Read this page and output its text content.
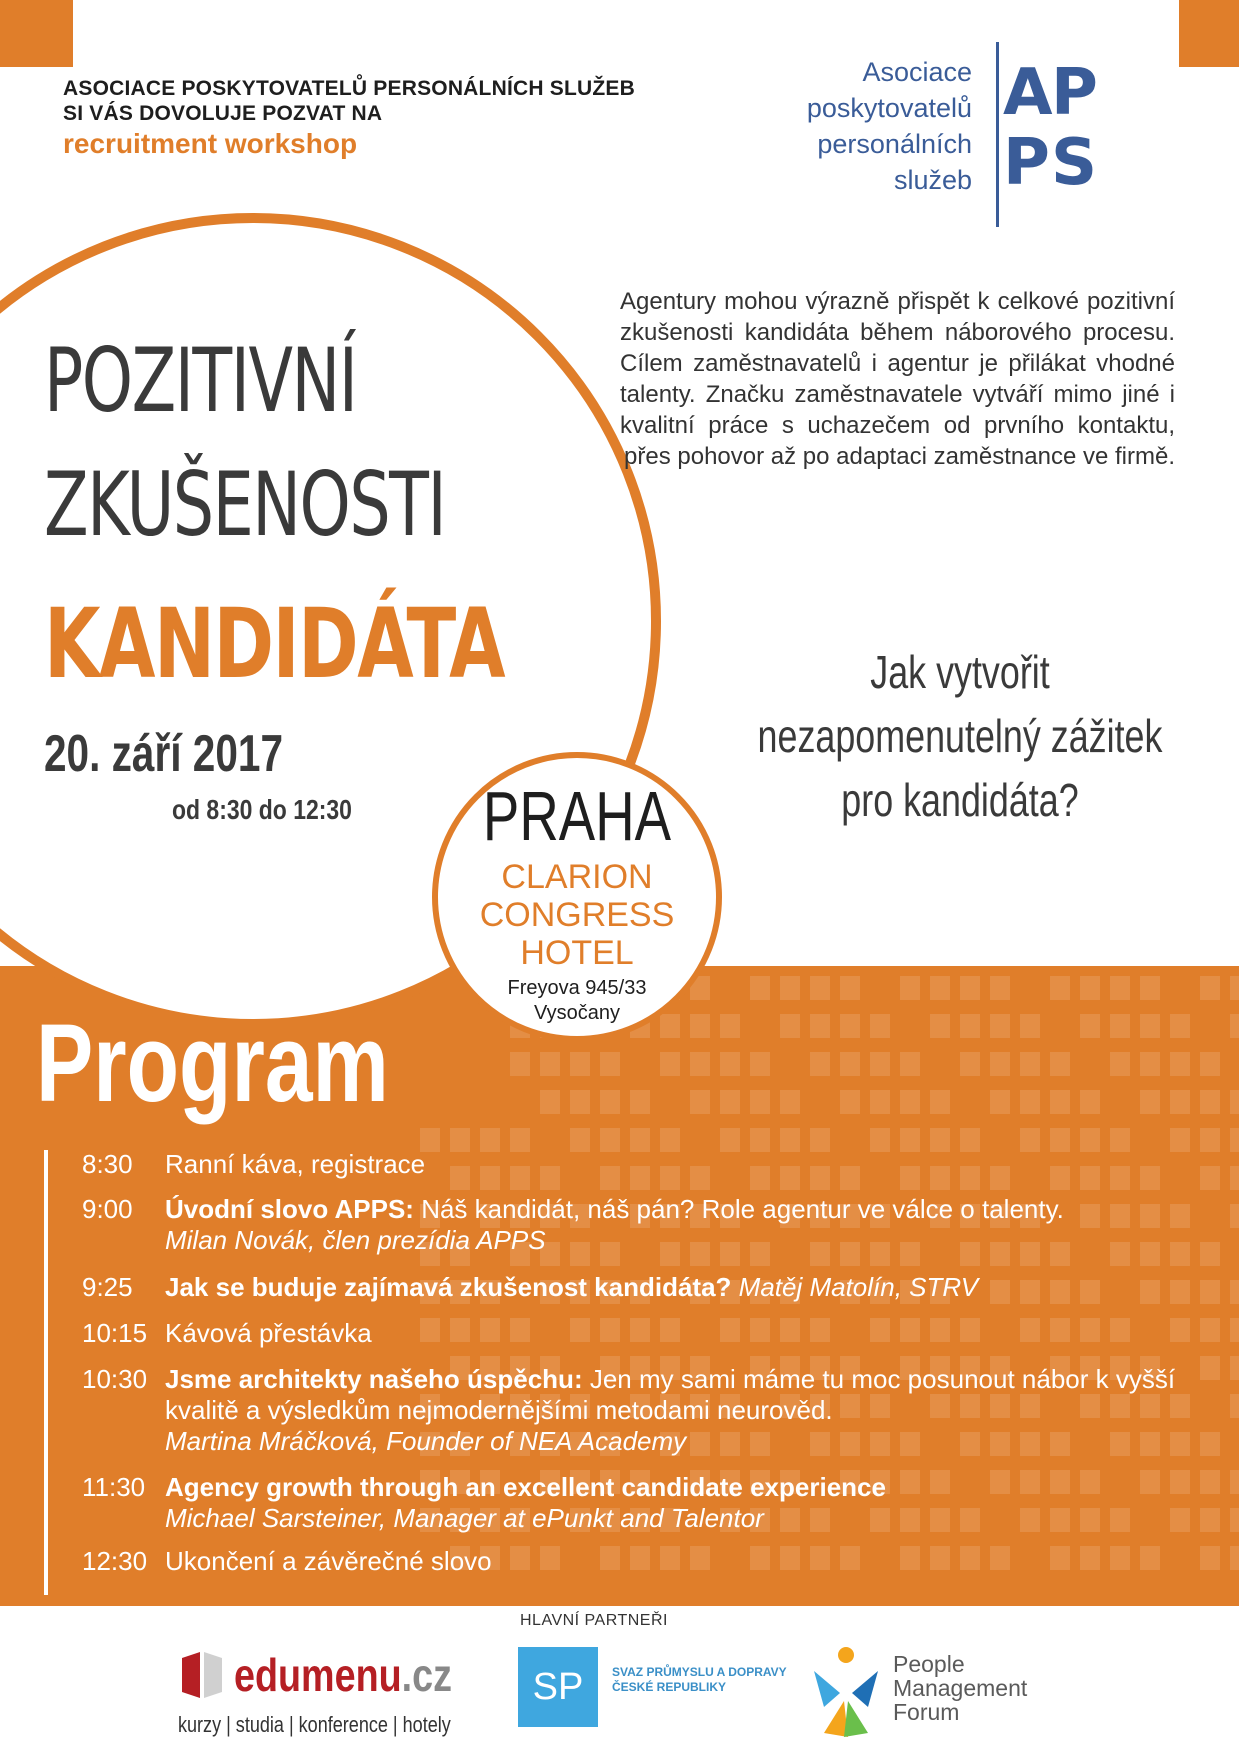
ASOCIACE POSKYTOVATELŮ PERSONÁLNÍCH SLUŽEB
SI VÁS DOVOLUJE POZVAT NA
recruitment workshop
Asociace
poskytovatelů
personálních
služeb
A
P
P S
POZITIVNÍ
ZKUŠENOSTI
KANDIDÁTA
20. září 2017
od 8:30 do 12:30
Agentury mohou výrazně přispět k celkové pozitivní zkušenosti kandidáta během náborového procesu. Cílem zaměstnavatelů i agentur je přilákat vhodné talenty. Značku zaměstnavatele vytváří mimo jiné i kvalitní práce s uchazečem od prvního kontaktu, přes pohovor až po adaptaci zaměstnance ve firmě.
Jak vytvořit
nezapomenutelný zážitek
pro kandidáta?
PRAHA
CLARION
CONGRESS
HOTEL
Freyova 945/33
Vysočany
Program
8:30	Ranní káva, registrace
9:00	Úvodní slovo APPS: Náš kandidát, náš pán? Role agentur ve válce o talenty.
Milan Novák, člen prezídia APPS
9:25	Jak se buduje zajímavá zkušenost kandidáta? Matěj Matolín, STRV
10:15 Kávová přestávka
10:30 Jsme architekty našeho úspěchu: Jen my sami máme tu moc posunout nábor k vyšší kvalitě a výsledkům nejmodernějšími metodami neurověd.
Martina Mráčková, Founder of NEA Academy
11:30 Agency growth through an excellent candidate experience
Michael Sarsteiner, Manager at ePunkt and Talentor
12:30 Ukončení a závěrečné slovo
HLAVNÍ PARTNEŘI
edumenu.cz
kurzy | studia | konference | hotely
SP	SVAZ PRŮMYSLU A DOPRAVY
ČESKÉ REPUBLIKY
People
Management
Forum
